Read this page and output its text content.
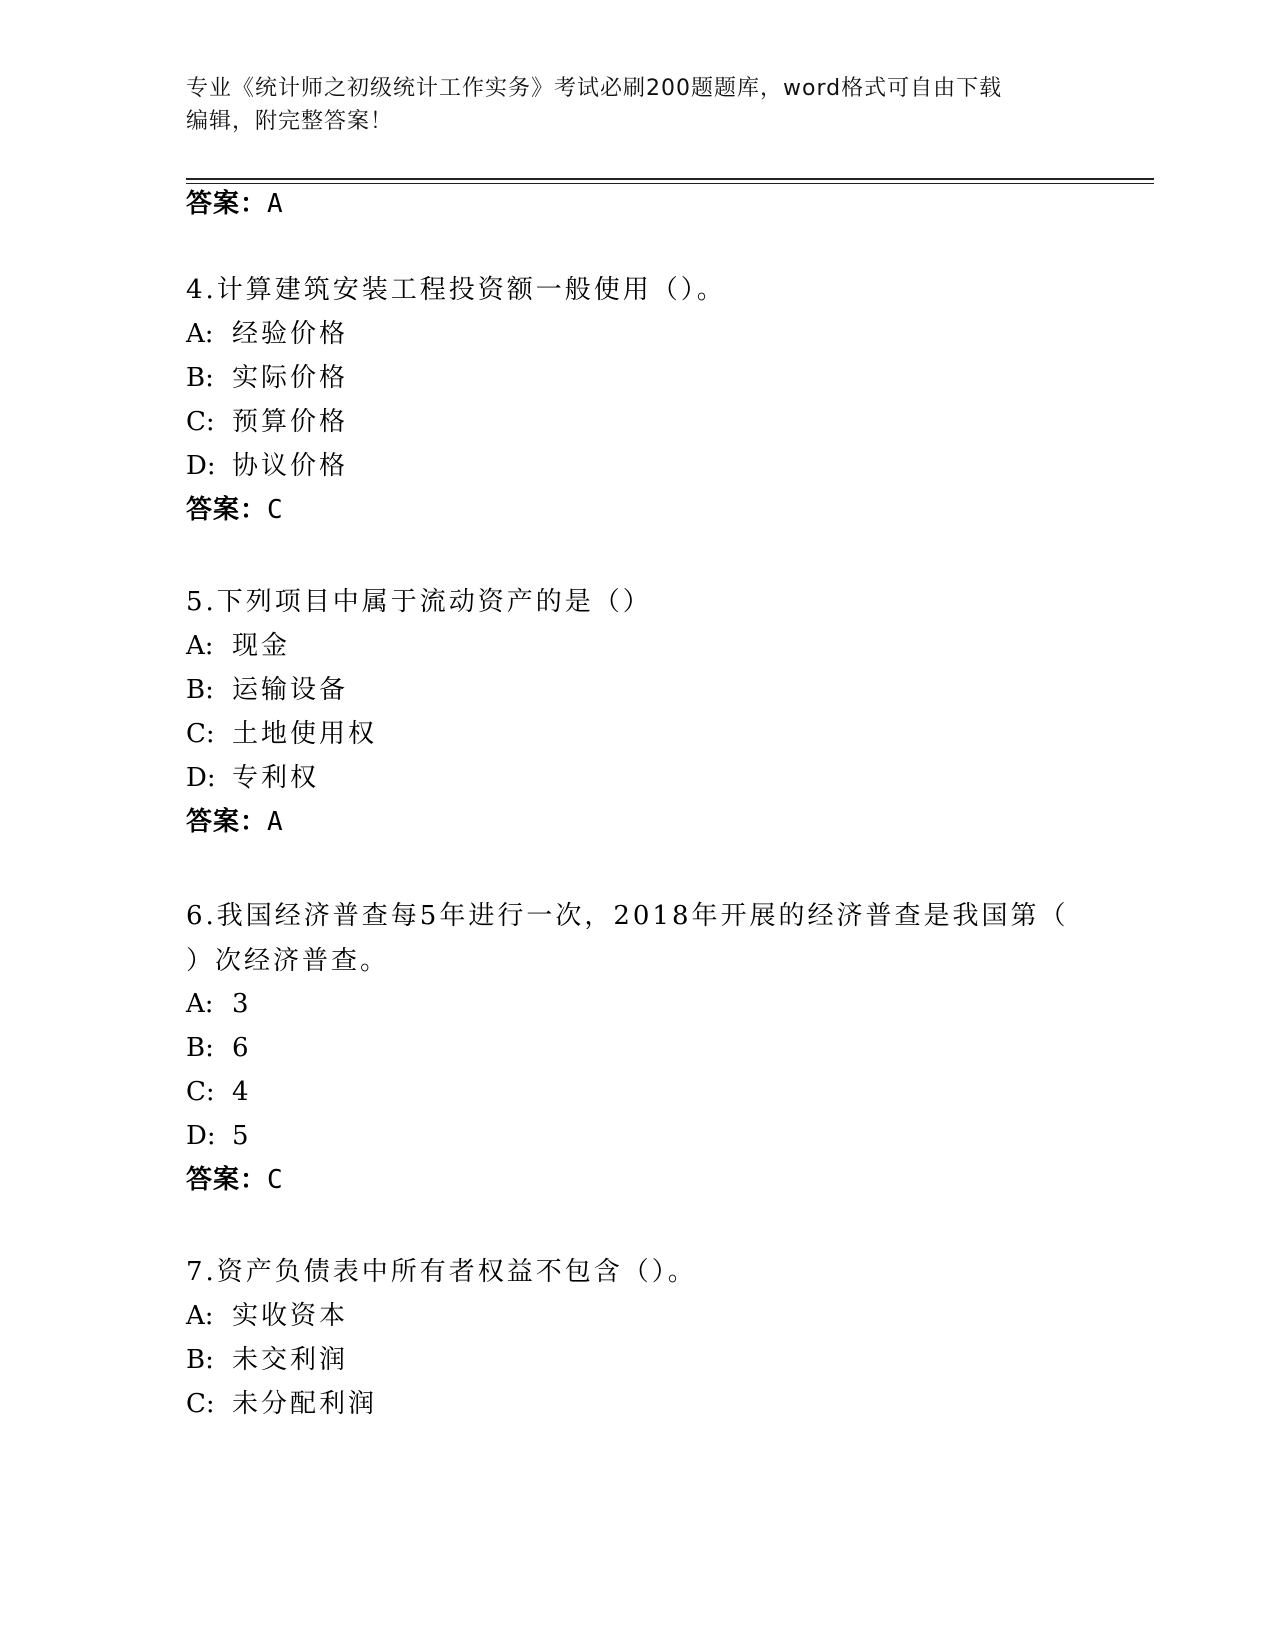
专业《统计师之初级统计工作实务》考试必刷200题题库，word格式可自由下载
编辑，附完整答案！
答案：A
4.计算建筑安装工程投资额一般使用（）。
A: 经验价格
B: 实际价格
C: 预算价格
D: 协议价格
答案：C
5.下列项目中属于流动资产的是（）
A: 现金
B: 运输设备
C: 土地使用权
D: 专利权
答案：A
6.我国经济普查每5年进行一次，2018年开展的经济普查是我国第（
）次经济普查。
A: 3
B: 6
C: 4
D: 5
答案：C
7.资产负债表中所有者权益不包含（）。
A: 实收资本
B: 未交利润
C: 未分配利润
